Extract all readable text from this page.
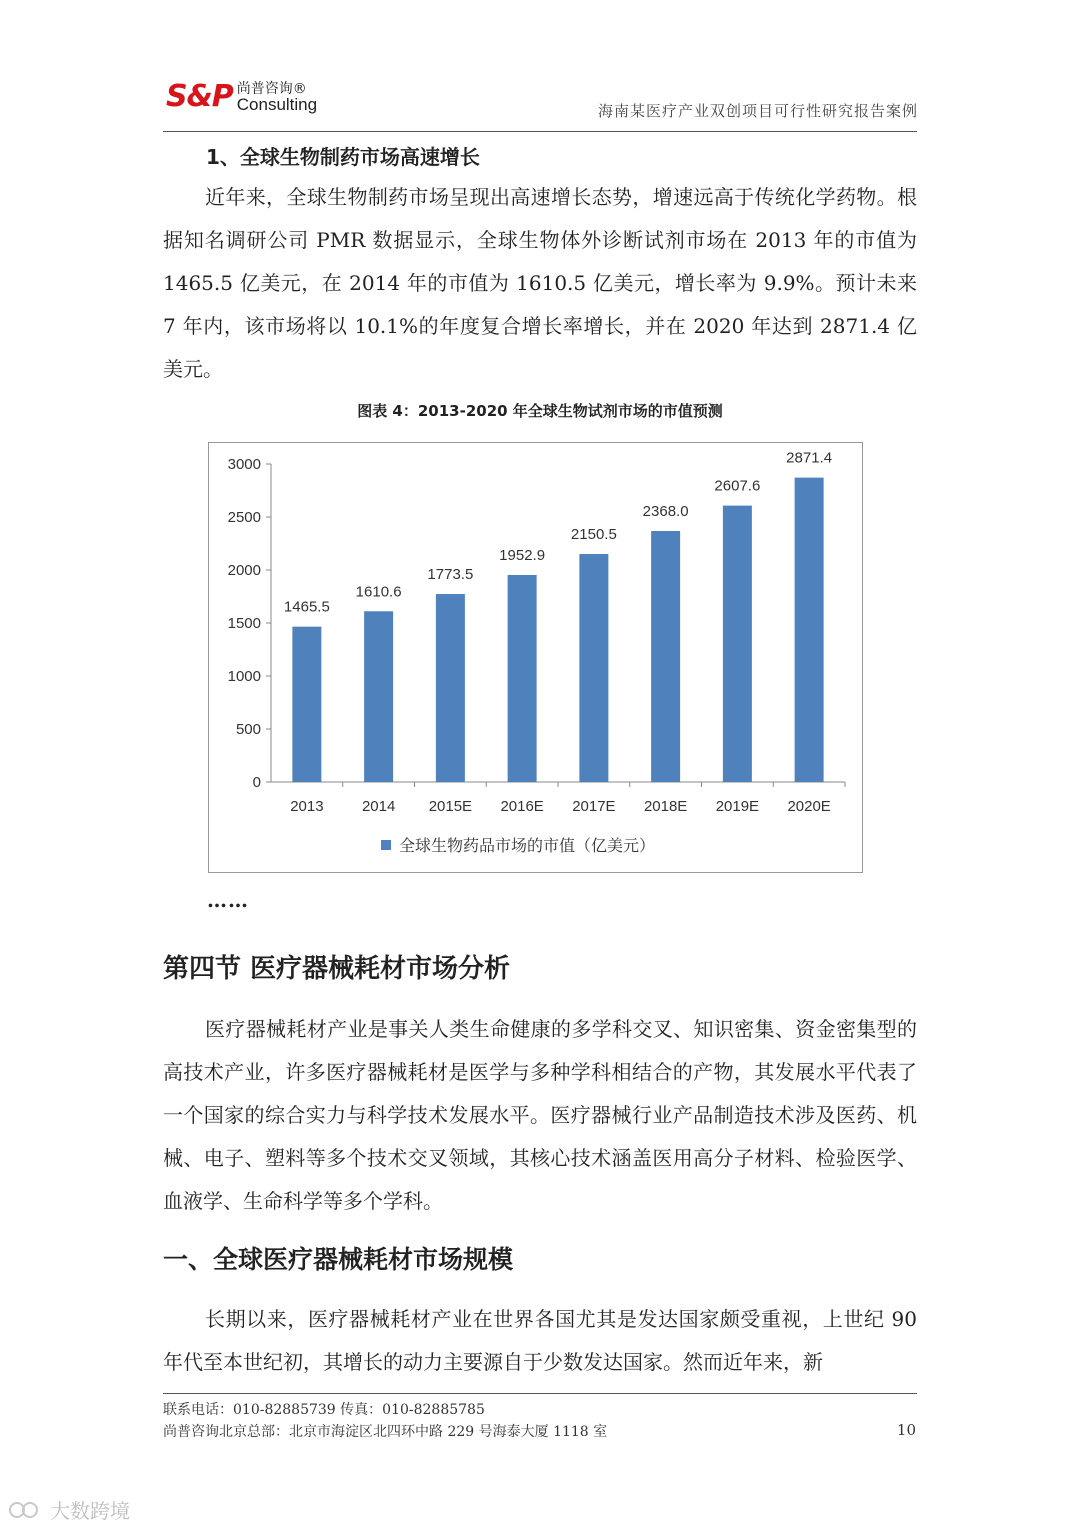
S&P 尚普咨询®
Consulting	海南某医疗产业双创项目可行性研究报告案例
1、全球生物制药市场高速增长

近年来，全球生物制药市场呈现出高速增长态势，增速远高于传统化学药物。根据知名调研公司 PMR 数据显示，全球生物体外诊断试剂市场在 2013 年的市值为 1465.5 亿美元，在 2014 年的市值为 1610.5 亿美元，增长率为 9.9%。预计未来 7 年内，该市场将以 10.1%的年度复合增长率增长，并在 2020 年达到 2871.4 亿美元。

图表 4：2013-2020 年全球生物试剂市场的市值预测
0
500
1000
1500
2000
2500
3000
1465.5
1610.6
1773.5
1952.9
2150.5
2368.0
2607.6
2871.4
2013	2014 2015E 2016E 2017E 2018E 2019E 2020E
全球生物药品市场的市值（亿美元）
……
第四节 医疗器械耗材市场分析

医疗器械耗材产业是事关人类生命健康的多学科交叉、知识密集、资金密集型的高技术产业，许多医疗器械耗材是医学与多种学科相结合的产物，其发展水平代表了一个国家的综合实力与科学技术发展水平。医疗器械行业产品制造技术涉及医药、机械、电子、塑料等多个技术交叉领域，其核心技术涵盖医用高分子材料、检验医学、血液学、生命科学等多个学科。

一、全球医疗器械耗材市场规模

长期以来，医疗器械耗材产业在世界各国尤其是发达国家颇受重视，上世纪 90 年代至本世纪初，其增长的动力主要源自于少数发达国家。然而近年来，新

联系电话：010-82885739 传真：010-82885785
尚普咨询北京总部：北京市海淀区北四环中路 229 号海泰大厦 1118 室	10
大数跨境
